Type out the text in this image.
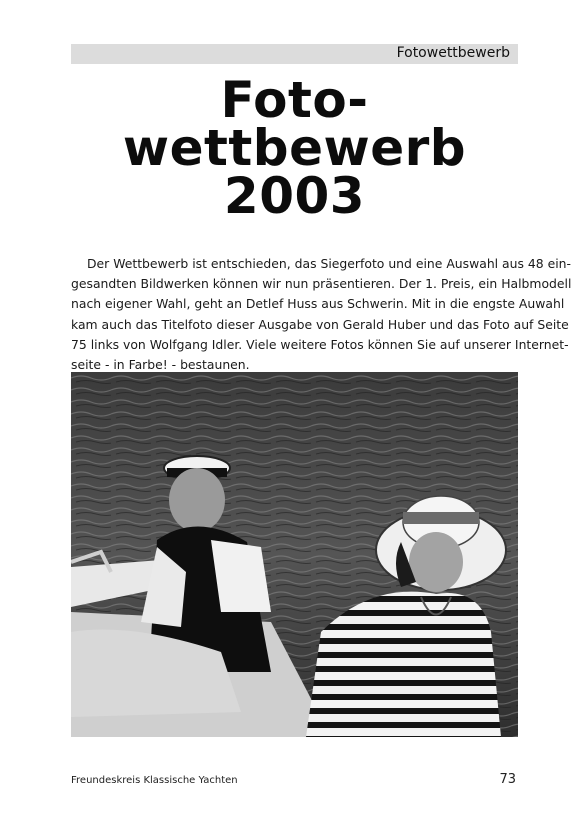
Fotowettbewerb
Foto-
wettbewerb
2003
Der Wettbewerb ist entschieden, das Siegerfoto und eine Auswahl aus 48 ein-
gesandten Bildwerken können wir nun präsentieren. Der 1. Preis, ein Halbmodell
nach eigener Wahl, geht an Detlef Huss aus Schwerin. Mit in die engste Auwahl
kam auch das Titelfoto dieser Ausgabe von Gerald Huber und das Foto auf Seite
75 links von Wolfgang Idler. Viele weitere Fotos können Sie auf unserer Internet-
seite - in Farbe! - bestaunen.
Freundeskreis Klassische Yachten	73
